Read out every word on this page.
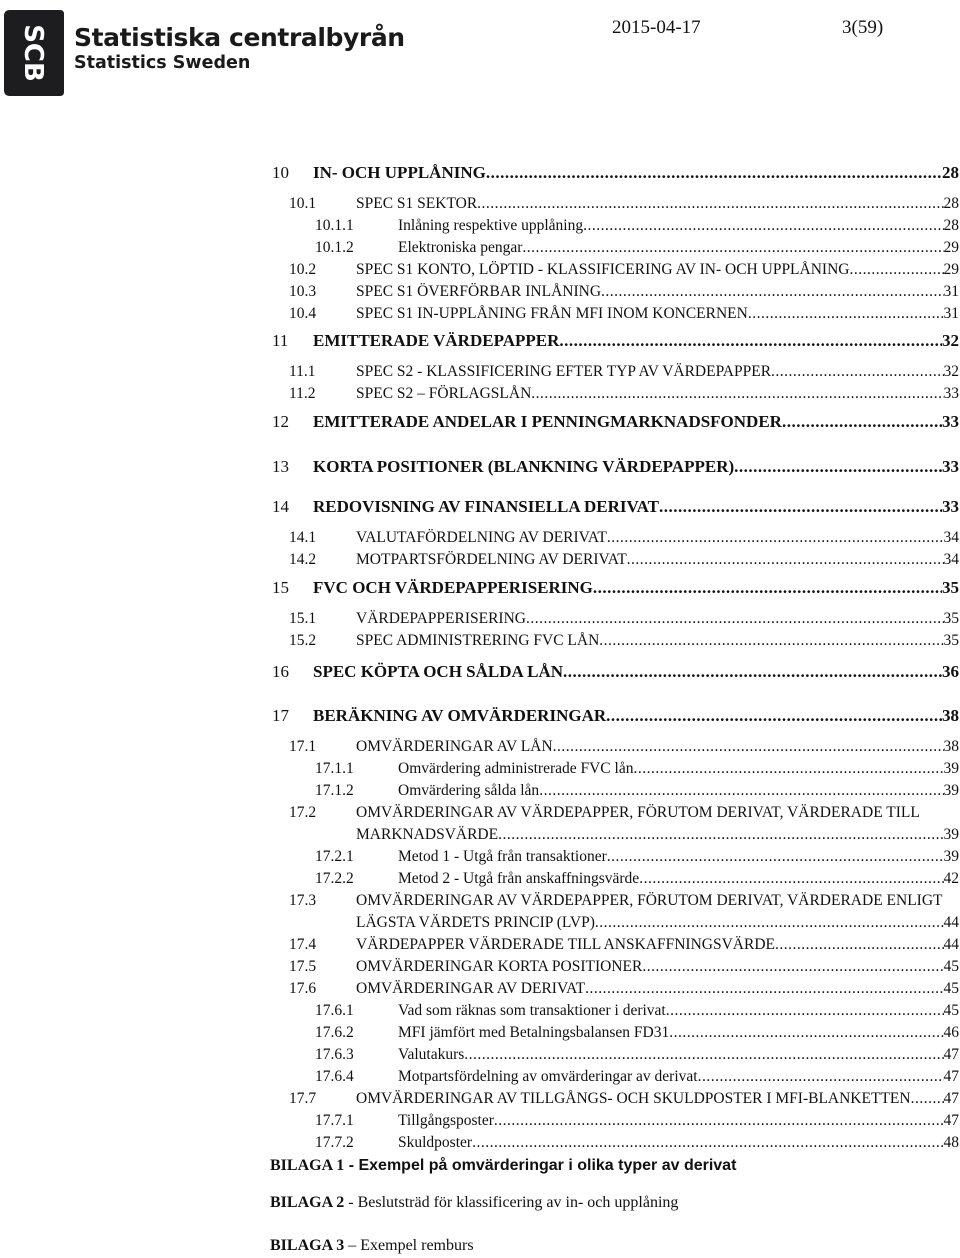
SCB Statistiska centralbyrån
Statistics Sweden
2015-04-17	3(59)
10 IN- OCH UPPLÅNING .....	28
10.1	SPEC S1 SEKTOR .....	28
10.1.1	Inlåning respektive upplåning .....	28
10.1.2	Elektroniska pengar .....	29
10.2	SPEC S1 KONTO, LÖPTID - KLASSIFICERING AV IN- OCH UPPLÅNING .....	29
10.3	SPEC S1 ÖVERFÖRBAR INLÅNING .....	31
10.4	SPEC S1 IN-UPPLÅNING FRÅN MFI INOM KONCERNEN .....	31
11 EMITTERADE VÄRDEPAPPER .....	32
11.1	SPEC S2 - KLASSIFICERING EFTER TYP AV VÄRDEPAPPER .....	32
11.2	SPEC S2 – FÖRLAGSLÅN .....	33
12 EMITTERADE ANDELAR I PENNINGMARKNADSFONDER .....	33
13 KORTA POSITIONER (BLANKNING VÄRDEPAPPER) .....	33
14 REDOVISNING AV FINANSIELLA DERIVAT .....	33
14.1	VALUTAFÖRDELNING AV DERIVAT .....	34
14.2	MOTPARTSFÖRDELNING AV DERIVAT .....	34
15 FVC OCH VÄRDEPAPPERISERING .....	35
15.1	VÄRDEPAPPERISERING .....	35
15.2	SPEC ADMINISTRERING FVC LÅN .....	35
16 SPEC KÖPTA OCH SÅLDA LÅN .....	36
17 BERÄKNING AV OMVÄRDERINGAR .....	38
17.1	OMVÄRDERINGAR AV LÅN .....	38
17.1.1	Omvärdering administrerade FVC lån .....	39
17.1.2	Omvärdering sålda lån .....	39
17.2	OMVÄRDERINGAR AV VÄRDEPAPPER, FÖRUTOM DERIVAT, VÄRDERADE TILL
MARKNADSVÄRDE .....	39
17.2.1	Metod 1 - Utgå från transaktioner .....	39
17.2.2	Metod 2 - Utgå från anskaffningsvärde .....	42
17.3	OMVÄRDERINGAR AV VÄRDEPAPPER, FÖRUTOM DERIVAT, VÄRDERADE ENLIGT
LÄGSTA VÄRDETS PRINCIP (LVP) .....	44
17.4	VÄRDEPAPPER VÄRDERADE TILL ANSKAFFNINGSVÄRDE .....	44
17.5	OMVÄRDERINGAR KORTA POSITIONER .....	45
17.6	OMVÄRDERINGAR AV DERIVAT .....	45
17.6.1	Vad som räknas som transaktioner i derivat .....	45
17.6.2	MFI jämfört med Betalningsbalansen FD31 .....	46
17.6.3	Valutakurs .....	47
17.6.4	Motpartsfördelning av omvärderingar av derivat .....	47
17.7	OMVÄRDERINGAR AV TILLGÅNGS- OCH SKULDPOSTER I MFI-BLANKETTEN ..... 47
17.7.1	Tillgångsposter .....	47
17.7.2	Skuldposter .....	48
BILAGA 1 - Exempel på omvärderingar i olika typer av derivat
BILAGA 2 - Beslutsträd för klassificering av in- och upplåning
BILAGA 3 – Exempel remburs
